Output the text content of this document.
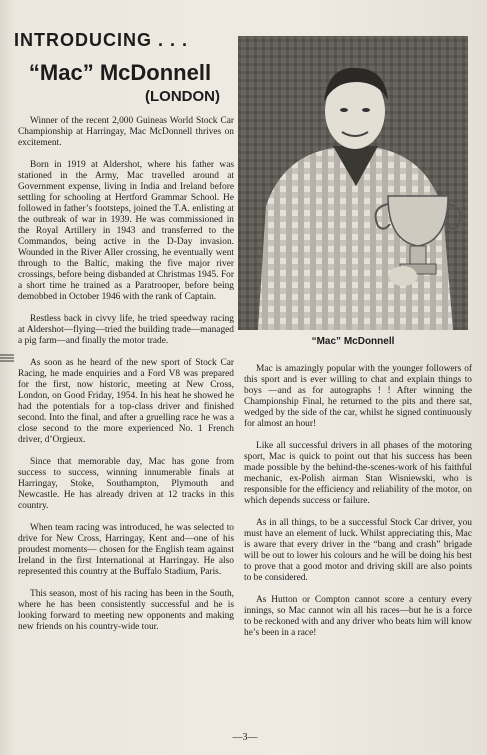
INTRODUCING . . .
“Mac” McDonnell
(LONDON)

Winner of the recent 2,000 Guineas World Stock Car Championship at Harringay, Mac McDonnell thrives on excitement.

Born in 1919 at Aldershot, where his father was stationed in the Army, Mac travelled around at Government expense, living in India and Ireland before settling for schooling at Hertford Grammar School. He followed in father’s footsteps, joined the T.A. enlisting at the outbreak of war in 1939. He was commissioned in the Royal Artillery in 1943 and transferred to the Commandos, being active in the D-Day invasion. Wounded in the River Aller crossing, he eventually went through to the Baltic, making the five major river crossings, before being disbanded at Christmas 1945. For a short time he trained as a Paratrooper, before being demobbed in October 1946 with the rank of Captain.

Restless back in civvy life, he tried speedway racing at Aldershot—flying—tried the building trade—managed a pig farm—and finally the motor trade.

As soon as he heard of the new sport of Stock Car Racing, he made enquiries and a Ford V8 was prepared for the first, now historic, meeting at New Cross, London, on Good Friday, 1954. In his heat he showed he had the potentials for a top-class driver and finished second. Into the final, and after a gruelling race he was a close second to the more experienced No. 1 French driver, d’Orgieux.

Since that memorable day, Mac has gone from success to success, winning innumerable finals at Harringay, Stoke, Southampton, Plymouth and Newcastle. He has already driven at 12 tracks in this country.

When team racing was introduced, he was selected to drive for New Cross, Harringay, Kent and—one of his proudest moments— chosen for the English team against Ireland in the first International at Harringay. He also represented this country at the Buffalo Stadium, Paris.

This season, most of his racing has been in the South, where he has been consistently successful and he is looking forward to meeting new opponents and making new friends on his country-wide tour.

“Mac” McDonnell

Mac is amazingly popular with the younger followers of this sport and is ever willing to chat and explain things to boys —and as for autographs ! ! After winning the Championship Final, he returned to the pits and there sat, wedged by the side of the car, whilst he signed continuously for almost an hour!

Like all successful drivers in all phases of the motoring sport, Mac is quick to point out that his success has been made possible by the behind-the-scenes-work of his faithful mechanic, ex-Polish airman Stan Wisniewski, who is responsible for the efficiency and reliability of the motor, on which depends success or failure.

As in all things, to be a successful Stock Car driver, you must have an element of luck. Whilst appreciating this, Mac is aware that every driver in the “bang and crash” brigade will be out to lower his colours and he will be doing his best to prove that a good motor and driving skill are also points to be considered.

As Hutton or Compton cannot score a century every innings, so Mac cannot win all his races—but he is a force to be reckoned with and any driver who beats him will know he’s been in a race!

—3—
